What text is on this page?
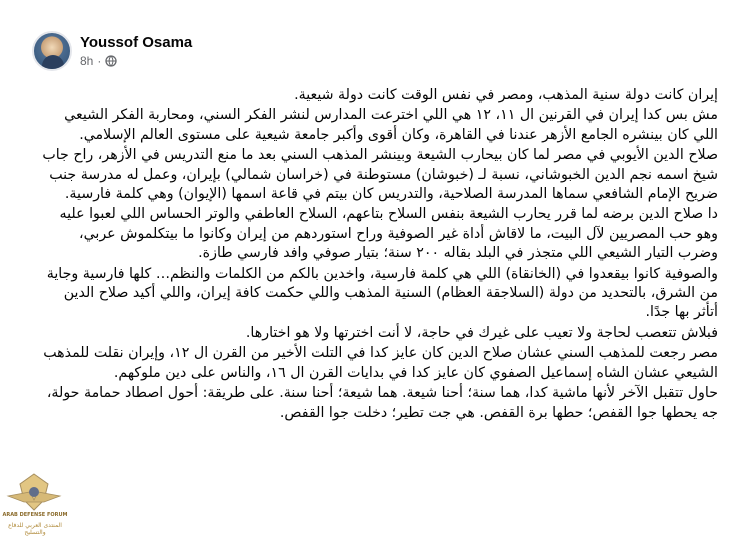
Youssof Osama
8h ·

إيران كانت دولة سنية المذهب، ومصر في نفس الوقت كانت دولة شيعية.

مش بس كدا إيران في القرنين ال ١١، ١٢ هي اللي اخترعت المدارس لنشر الفكر السني، ومحاربة الفكر الشيعي اللي كان بينشره الجامع الأزهر عندنا في القاهرة، وكان أقوى وأكبر جامعة شيعية على مستوى العالم الإسلامي.

صلاح الدين الأيوبي في مصر لما كان بيحارب الشيعة وبينشر المذهب السني بعد ما منع التدريس في الأزهر، راح جاب شيخ اسمه نجم الدين الخبوشاني، نسبة لـ (خبوشان) مستوطنة في (خراسان شمالي) بإيران، وعمل له مدرسة جنب ضريح الإمام الشافعي سماها المدرسة الصلاحية، والتدريس كان بيتم في قاعة اسمها (الإيوان) وهي كلمة فارسية.

دا صلاح الدين برضه لما قرر يحارب الشيعة بنفس السلاح بتاعهم، السلاح العاطفي والوتر الحساس اللي لعبوا عليه وهو حب المصريين لآل البيت، ما لاقاش أداة غير الصوفية وراح استوردهم من إيران وكانوا ما بيتكلموش عربي، وضرب التيار الشيعي اللي متجذر في البلد بقاله ٢٠٠ سنة؛ بتيار صوفي وافد فارسي طازة.

والصوفية كانوا بيقعدوا في (الخانقاة) اللي هي كلمة فارسية، واخدين بالكم من الكلمات والنظم… كلها فارسية وجاية من الشرق، بالتحديد من دولة (السلاجقة العظام) السنية المذهب واللي حكمت كافة إيران، واللي أكيد صلاح الدين أتأثر بها جدًا.

فبلاش تتعصب لحاجة ولا تعيب على غيرك في حاجة، لا أنت اخترتها ولا هو اختارها.

مصر رجعت للمذهب السني عشان صلاح الدين كان عايز كدا في التلت الأخير من القرن ال ١٢، وإيران نقلت للمذهب الشيعي عشان الشاه إسماعيل الصفوي كان عايز كدا في بدايات القرن ال ١٦، والناس على دين ملوكهم.

حاول تتقبل الآخر لأنها ماشية كدا، هما سنة؛ أحنا شيعة. هما شيعة؛ أحنا سنة. على طريقة: أحول اصطاد حمامة حولة، جه يحطها جوا القفص؛ حطها برة القفص. هي جت تطير؛ دخلت جوا القفص.

ARAB DEFENSE FORUM
المنتدى العربي للدفاع والتسليح
